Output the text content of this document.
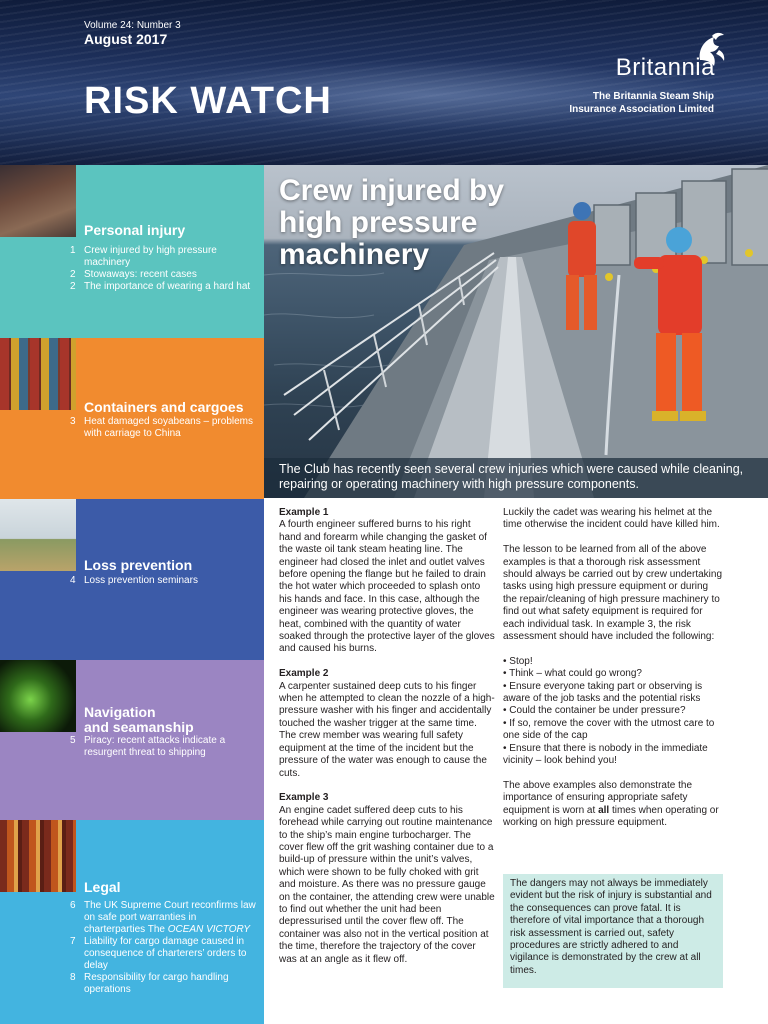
Volume 24: Number 3
August 2017
RISK WATCH
Britannia
The Britannia Steam Ship
Insurance Association Limited
Personal injury
1 Crew injured by high pressure machinery
2 Stowaways: recent cases
2 The importance of wearing a hard hat
Containers and cargoes
3 Heat damaged soyabeans – problems with carriage to China
Loss prevention
4 Loss prevention seminars
Navigation
and seamanship
5 Piracy: recent attacks indicate a resurgent threat to shipping
Legal
6 The UK Supreme Court reconfirms law on safe port warranties in charterparties The OCEAN VICTORY
7 Liability for cargo damage caused in consequence of charterers’ orders to delay
8 Responsibility for cargo handling operations
Crew injured by high pressure machinery

The Club has recently seen several crew injuries which were caused while cleaning, repairing or operating machinery with high pressure components.

Example 1

A fourth engineer suffered burns to his right hand and forearm while changing the gasket of the waste oil tank steam heating line. The engineer had closed the inlet and outlet valves before opening the flange but he failed to drain the hot water which proceeded to splash onto his hands and face. In this case, although the engineer was wearing protective gloves, the heat, combined with the quantity of water soaked through the protective layer of the gloves and caused his burns.

Example 2

A carpenter sustained deep cuts to his finger when he attempted to clean the nozzle of a high-pressure washer with his finger and accidentally touched the washer trigger at the same time. The crew member was wearing full safety equipment at the time of the incident but the pressure of the water was enough to cause the cuts.

Example 3

An engine cadet suffered deep cuts to his forehead while carrying out routine maintenance to the ship’s main engine turbocharger. The cover flew off the grit washing container due to a build-up of pressure within the unit’s valves, which were shown to be fully choked with grit and moisture. As there was no pressure gauge on the container, the attending crew were unable to find out whether the unit had been depressurised until the cover flew off. The container was also not in the vertical position at the time, therefore the trajectory of the cover was at an angle as it flew off.

Luckily the cadet was wearing his helmet at the time otherwise the incident could have killed him.

The lesson to be learned from all of the above examples is that a thorough risk assessment should always be carried out by crew undertaking tasks using high pressure equipment or during the repair/cleaning of high pressure machinery to find out what safety equipment is required for each individual task. In example 3, the risk assessment should have included the following:

• Stop!
• Think – what could go wrong?
• Ensure everyone taking part or observing is aware of the job tasks and the potential risks
• Could the container be under pressure?
• If so, remove the cover with the utmost care to one side of the cap
• Ensure that there is nobody in the immediate vicinity – look behind you!

The above examples also demonstrate the importance of ensuring appropriate safety equipment is worn at all times when operating or working on high pressure equipment.

The dangers may not always be immediately evident but the risk of injury is substantial and the consequences can prove fatal. It is therefore of vital importance that a thorough risk assessment is carried out, safety procedures are strictly adhered to and vigilance is demonstrated by the crew at all times.
